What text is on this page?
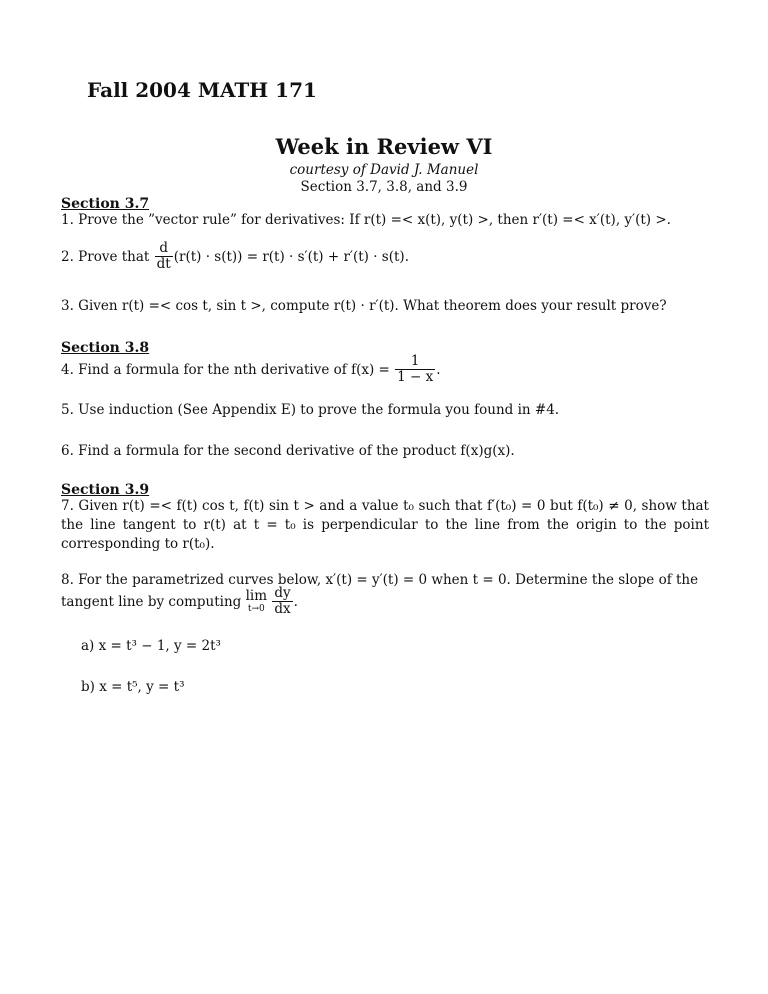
Fall 2004 MATH 171
Week in Review VI
courtesy of David J. Manuel
Section 3.7, 3.8, and 3.9
Section 3.7
1. Prove the ”vector rule” for derivatives: If r(t) =< x(t), y(t) >, then r′(t) =< x′(t), y′(t) >.
2. Prove that
$\frac{d}{dt} (r(t) \cdot s(t)) = r(t) \cdot s'(t) + r'(t) \cdot s(t)$.
3. Given r(t) =< cos t, sin t >, compute r(t) · r′(t). What theorem does your result prove?
Section 3.8
4. Find a formula for the nth derivative of f(x) =
$\frac{1}{1 - x}$ .
5. Use induction (See Appendix E) to prove the formula you found in #4.
6. Find a formula for the second derivative of the product f(x)g(x).
Section 3.9
7. Given r(t) =< f(t) cos t, f(t) sin t > and a value t₀ such that f′(t₀) = 0 but f(t₀) ≠ 0, show that the line tangent to r(t) at t = t₀ is perpendicular to the line from the origin to the point corresponding to r(t₀).
8. For the parametrized curves below, x′(t) = y′(t) = 0 when t = 0. Determine the slope of the
tangent line by computing
lim
t→0
$\frac{dy}{dx}$ .
a) x = t³ − 1, y = 2t³
b) x = t⁵, y = t³
